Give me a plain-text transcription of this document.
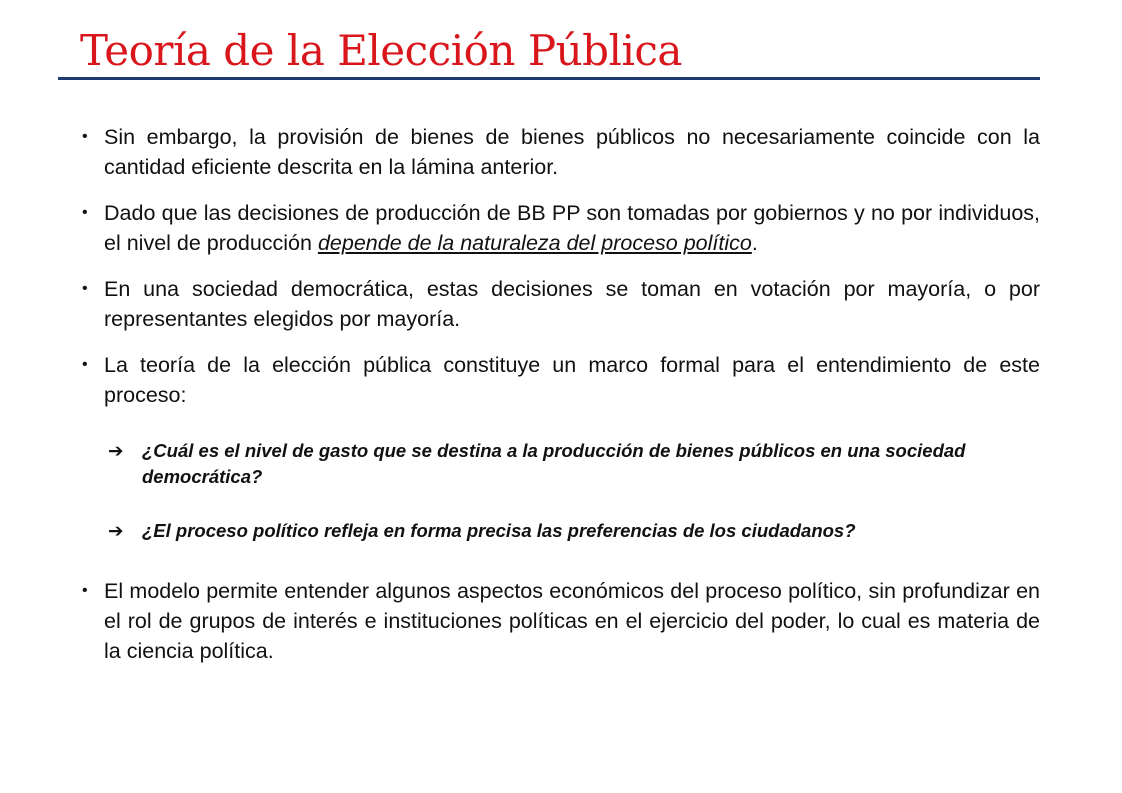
Teoría de la Elección Pública
• Sin embargo, la provisión de bienes de bienes públicos no necesariamente coincide con la cantidad eficiente descrita en la lámina anterior.
• Dado que las decisiones de producción de BB PP son tomadas por gobiernos y no por individuos, el nivel de producción depende de la naturaleza del proceso político.
• En una sociedad democrática, estas decisiones se toman en votación por mayoría, o por representantes elegidos por mayoría.
• La teoría de la elección pública constituye un marco formal para el entendimiento de este proceso:
➔ ¿Cuál es el nivel de gasto que se destina a la producción de bienes públicos en una sociedad democrática?
➔ ¿El proceso político refleja en forma precisa las preferencias de los ciudadanos?
• El modelo permite entender algunos aspectos económicos del proceso político, sin profundizar en el rol de grupos de interés e instituciones políticas en el ejercicio del poder, lo cual es materia de la ciencia política.
